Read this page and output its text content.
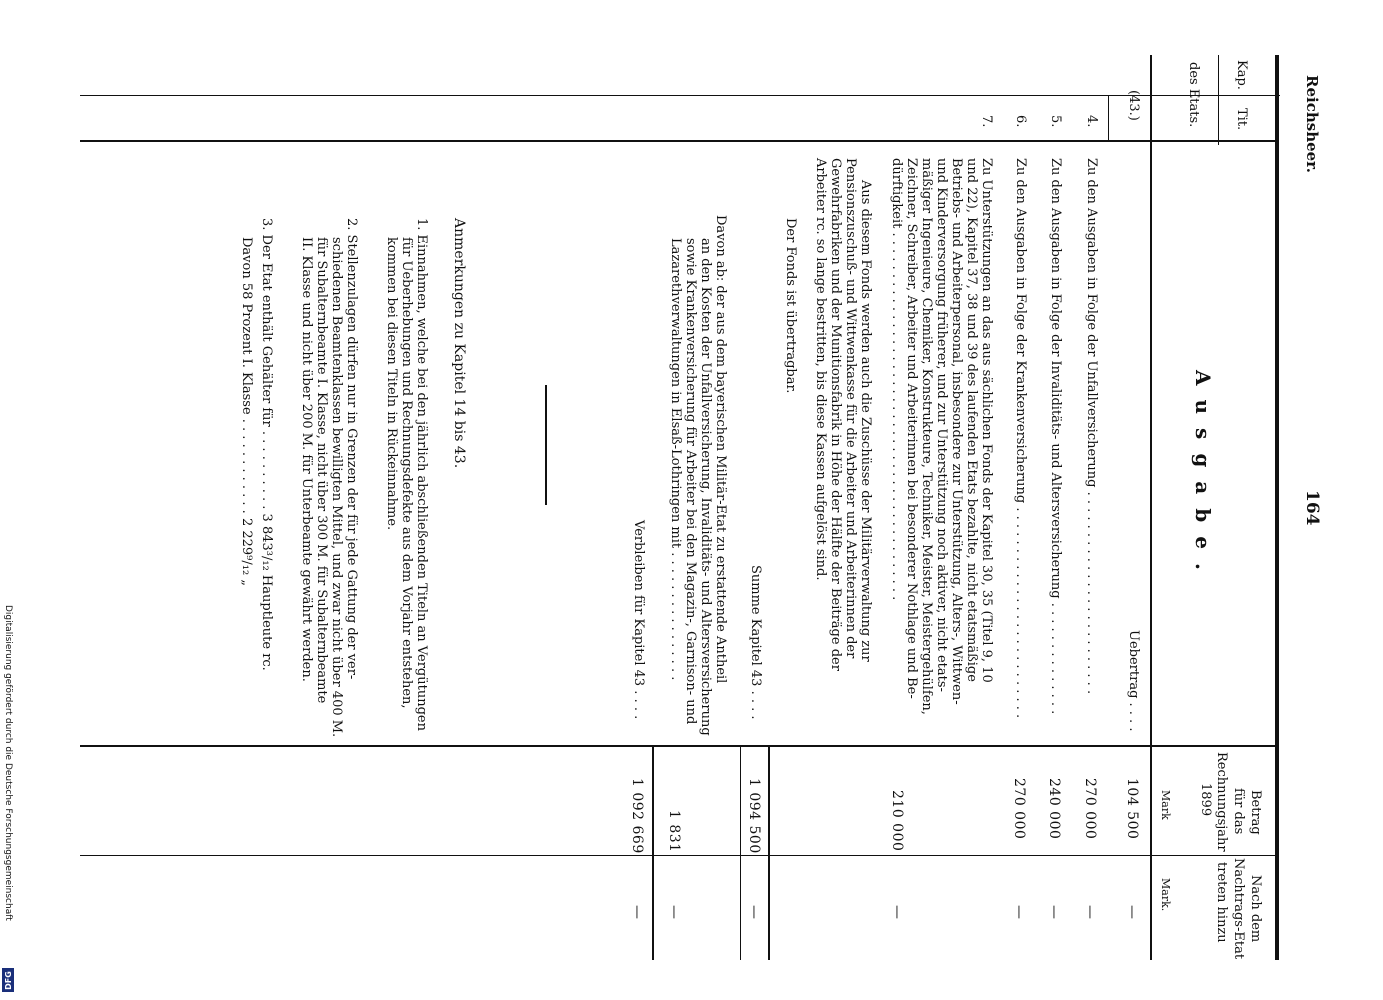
Digitalisierung gefördert durch die Deutsche Forschungsgemeinschaft
DFG
Reichsheer.
164
Kap.
Tit.
des Etats.
Ausgabe.
Betrag
für das
Rechnungsjahr
1899
Mark
Nach dem
Nachtrags-Etat
treten hinzu
Mark.
(43.)
Uebertrag . . . .
104 500
—
4.
Zu den Ausgaben in Folge der Unfallversicherung . . . . . . . . . . . . . . . . . . . . . . . . .
270 000
—
5.
Zu den Ausgaben in Folge der Invaliditäts- und Altersversicherung . . . . . . . . . . . . . .
240 000
—
6.
Zu den Ausgaben in Folge der Krankenversicherung . . . . . . . . . . . . . . . . . . . . . . . . . .
270 000
—
7.
Zu Unterstützungen an das aus sächlichen Fonds der Kapitel 30, 35 (Titel 9, 10
und 22), Kapitel 37, 38 und 39 des laufenden Etats bezahlte, nicht etatsmäßige
Betriebs- und Arbeiterpersonal, insbesondere zur Unterstützung, Alters-, Wittwen-
und Kinderversorgung früherer, und zur Unterstützung noch aktiver, nicht etats-
mäßiger Ingenieure, Chemiker, Konstrukteure, Techniker, Meister, Meistergehülfen,
Zeichner, Schreiber, Arbeiter und Arbeiterinnen bei besonderer Nothlage und Be-
dürftigkeit . . . . . . . . . . . . . . . . . . . . . . . . . . . . . . . . . . . . . . . . . . . . .
210 000
—
Aus diesem Fonds werden auch die Zuschüsse der Militärverwaltung zur
Pensionszuschuß- und Wittwenkasse für die Arbeiter und Arbeiterinnen der
Gewehrfabriken und der Munitionsfabrik in Höhe der Hälfte der Beiträge der
Arbeiter rc. so lange bestritten, bis diese Kassen aufgelöst sind.
Der Fonds ist übertragbar.
Summe Kapitel 43 . . . .
1 094 500
—
Davon ab: der aus dem bayerischen Militär-Etat zu erstattende Antheil
an den Kosten der Unfallversicherung, Invaliditäts- und Altersversicherung
sowie Krankenversicherung für Arbeiter bei den Magazin-, Garnison- und
Lazarethverwaltungen in Elsaß-Lothringen mit . . . . . . . . . . . . . . . .
1 831
—
Verbleiben für Kapitel 43 . . . .
1 092 669
—
Anmerkungen zu Kapitel 14 bis 43.
1. Einnahmen, welche bei den jährlich abschließenden Titeln an Vergütungen
für Ueberhebungen und Rechnungsdefekte aus dem Vorjahr entstehen,
kommen bei diesen Titeln in Rückeinnahme.
2. Stellenzulagen dürfen nur in Grenzen der für jede Gattung der ver-
schiedenen Beamtenklassen bewilligten Mittel, und zwar nicht über 400 M.
für Subalternbeamte I. Klasse, nicht über 300 M. für Subalternbeamte
II. Klasse und nicht über 200 M. für Unterbeamte gewährt werden.
3. Der Etat enthält Gehälter für . . . . . . . . . . 3 843³/₁₂ Hauptleute rc.
Davon 58 Prozent I. Klasse . . . . . . . . . . . . 2 229⁹/₁₂ „
